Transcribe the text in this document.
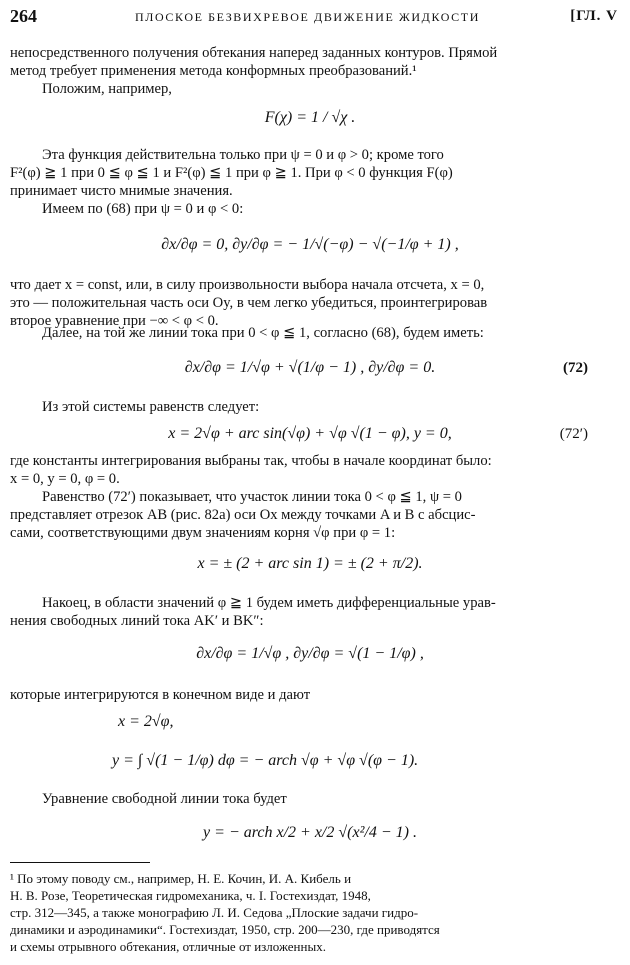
264	ПЛОСКОЕ БЕЗВИХРЕВОЕ ДВИЖЕНИЕ ЖИДКОСТИ	[ГЛ. V
непосредственного получения обтекания наперед заданных контуров. Прямой
метод требует применения метода конформных преобразований.¹
Положим, например,
F(χ) = 1 / √χ .
Эта функция действительна только при ψ = 0 и φ > 0; кроме того
F²(φ) ≧ 1 при 0 ≦ φ ≦ 1 и F²(φ) ≦ 1 при φ ≧ 1. При φ < 0 функция F(φ)
принимает чисто мнимые значения.
Имеем по (68) при ψ = 0 и φ < 0:
∂x/∂φ = 0, ∂y/∂φ = − 1/√(−φ) − √(−1/φ + 1) ,
что дает x = const, или, в силу произвольности выбора начала отсчета, x = 0,
это — положительная часть оси Oy, в чем легко убедиться, проинтегрировав
второе уравнение при −∞ < φ < 0.
Далее, на той же линии тока при 0 < φ ≦ 1, согласно (68), будем иметь:
∂x/∂φ = 1/√φ + √(1/φ − 1) , ∂y/∂φ = 0.	(72)
Из этой системы равенств следует:
x = 2√φ + arc sin(√φ) + √φ √(1 − φ), y = 0,	(72′)
где константы интегрирования выбраны так, чтобы в начале координат было:
x = 0, y = 0, φ = 0.
Равенство (72′) показывает, что участок линии тока 0 < φ ≦ 1, ψ = 0
представляет отрезок AB (рис. 82a) оси Ox между точками A и B с абсцис-
сами, соответствующими двум значениям корня √φ при φ = 1:
x = ± (2 + arc sin 1) = ± (2 + π/2).
Накоец, в области значений φ ≧ 1 будем иметь дифференциальные урав-
нения свободных линий тока AK′ и BK″:
∂x/∂φ = 1/√φ , ∂y/∂φ = √(1 − 1/φ) ,
которые интегрируются в конечном виде и дают
x = 2√φ,
y = ∫ √(1 − 1/φ) dφ = − arch √φ + √φ √(φ − 1).
Уравнение свободной линии тока будет
y = − arch x/2 + x/2 √(x²/4 − 1) .
¹ По этому поводу см., например, Н. Е. Кочин, И. А. Кибель и
Н. В. Розе, Теоретическая гидромеханика, ч. I. Гостехиздат, 1948,
стр. 312—345, а также монографию Л. И. Седова „Плоские задачи гидро-
динамики и аэродинамики“. Гостехиздат, 1950, стр. 200—230, где приводятся
и схемы отрывного обтекания, отличные от изложенных.
